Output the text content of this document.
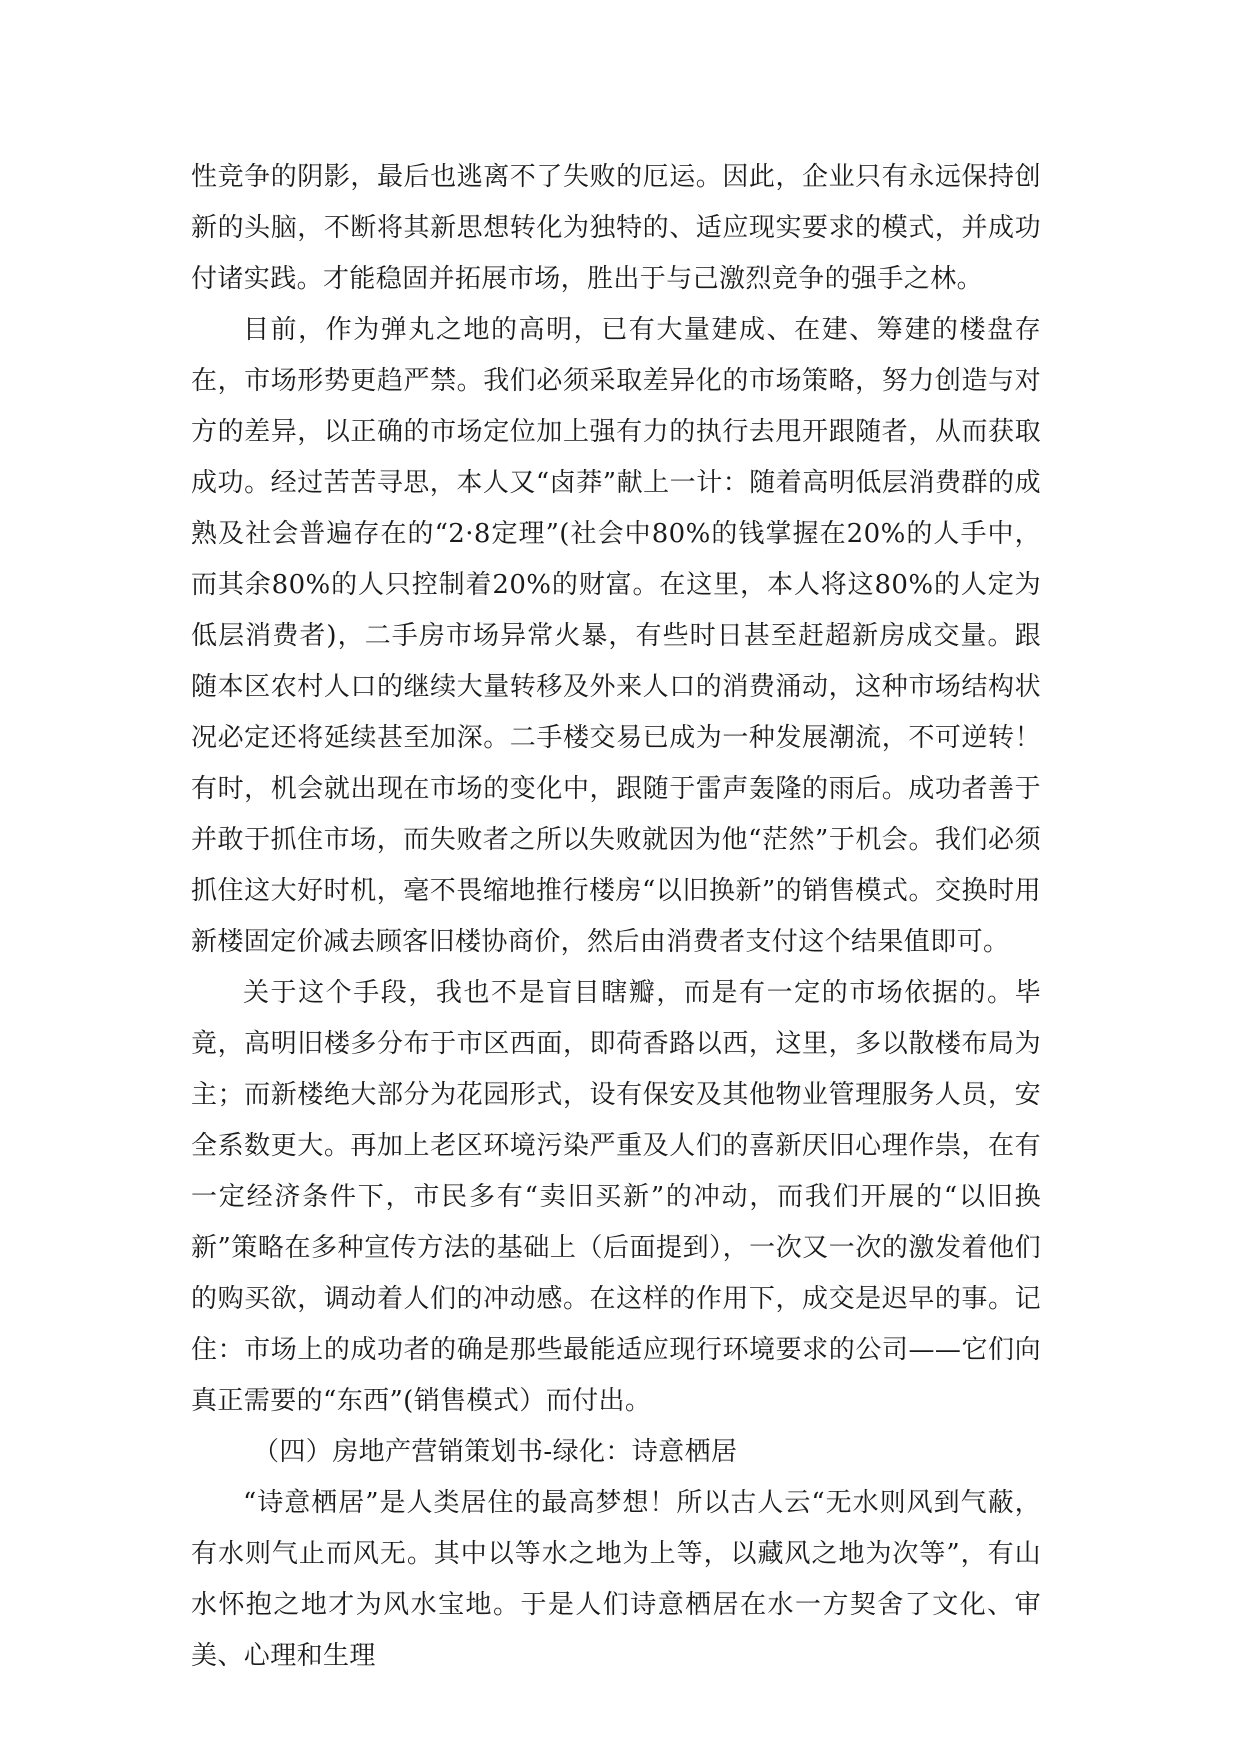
性竞争的阴影，最后也逃离不了失败的厄运。因此，企业只有永远保持创新的头脑，不断将其新思想转化为独特的、适应现实要求的模式，并成功付诸实践。才能稳固并拓展市场，胜出于与己激烈竞争的强手之林。

目前，作为弹丸之地的高明，已有大量建成、在建、筹建的楼盘存在，市场形势更趋严禁。我们必须采取差异化的市场策略，努力创造与对方的差异，以正确的市场定位加上强有力的执行去甩开跟随者，从而获取成功。经过苦苦寻思，本人又“卤莽”献上一计：随着高明低层消费群的成熟及社会普遍存在的“2·8定理”(社会中80%的钱掌握在20%的人手中，而其余80%的人只控制着20%的财富。在这里，本人将这80%的人定为低层消费者)，二手房市场异常火暴，有些时日甚至赶超新房成交量。跟随本区农村人口的继续大量转移及外来人口的消费涌动，这种市场结构状况必定还将延续甚至加深。二手楼交易已成为一种发展潮流，不可逆转！有时，机会就出现在市场的变化中，跟随于雷声轰隆的雨后。成功者善于并敢于抓住市场，而失败者之所以失败就因为他“茫然”于机会。我们必须抓住这大好时机，毫不畏缩地推行楼房“以旧换新”的销售模式。交换时用新楼固定价减去顾客旧楼协商价，然后由消费者支付这个结果值即可。

关于这个手段，我也不是盲目瞎瓣，而是有一定的市场依据的。毕竟，高明旧楼多分布于市区西面，即荷香路以西，这里，多以散楼布局为主；而新楼绝大部分为花园形式，设有保安及其他物业管理服务人员，安全系数更大。再加上老区环境污染严重及人们的喜新厌旧心理作祟，在有一定经济条件下，市民多有“卖旧买新”的冲动，而我们开展的“以旧换新”策略在多种宣传方法的基础上（后面提到），一次又一次的激发着他们的购买欲，调动着人们的冲动感。在这样的作用下，成交是迟早的事。记住：市场上的成功者的确是那些最能适应现行环境要求的公司——它们向真正需要的“东西”(销售模式）而付出。

（四）房地产营销策划书-绿化：诗意栖居

“诗意栖居”是人类居住的最高梦想！所以古人云“无水则风到气蔽，有水则气止而风无。其中以等水之地为上等，以藏风之地为次等”，有山水怀抱之地才为风水宝地。于是人们诗意栖居在水一方契舍了文化、审美、心理和生理
